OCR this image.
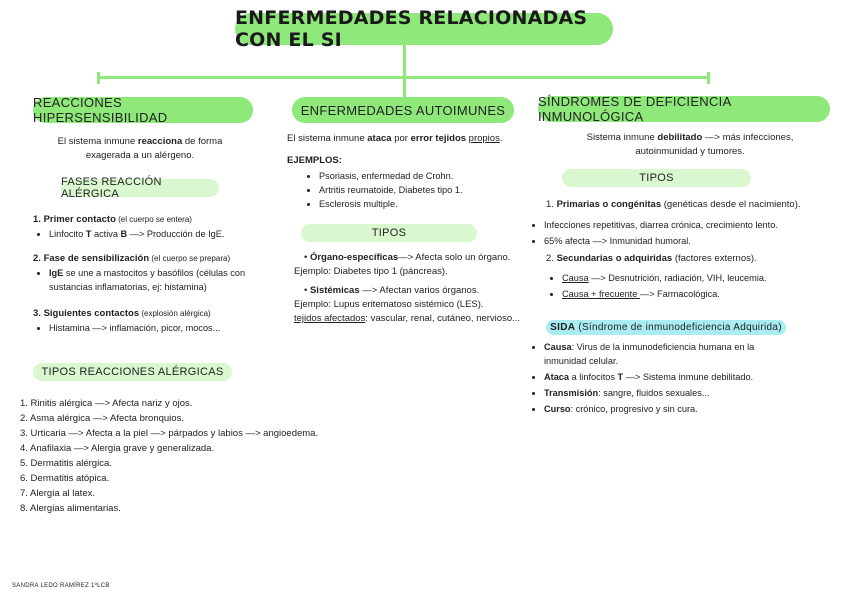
ENFERMEDADES RELACIONADAS CON EL SI
REACCIONES HIPERSENSIBILIDAD
El sistema inmune reacciona de forma
exagerada a un alérgeno.
FASES REACCIÓN ALÉRGICA
1. Primer contacto (el cuerpo se entera)
• Linfocito T activa B —> Producción de IgE.
2. Fase de sensibilización (el cuerpo se prepara)
• IgE se une a mastocitos y basófilos (células con
sustancias inflamatorias, ej: histamina)
3. Siguientes contactos (explosión alérgica)
• Histamina —> inflamación, picor, mocos...
TIPOS REACCIONES ALÉRGICAS
1. Rinitis alérgica —> Afecta nariz y ojos.
2. Asma alérgica —> Afecta bronquios.
3. Urticaria —> Afecta a la piel —> párpados y labios —> angioedema.
4. Anafilaxia —> Alergia grave y generalizada.
5. Dermatitis alérgica.
6. Dermatitis atópica.
7. Alergia al latex.
8. Alergias alimentarias.
ENFERMEDADES AUTOIMUNES
El sistema inmune ataca por error tejidos propios.
EJEMPLOS:
• Psoriasis, enfermedad de Crohn.
• Artritis reumatoide, Diabetes tipo 1.
• Esclerosis multiple.
TIPOS
• Órgano-específicas—> Afecta solo un órgano.
Ejemplo: Diabetes tipo 1 (páncreas).
• Sistémicas —> Afectan varios órganos.
Ejemplo: Lupus eritematoso sistémico (LES).
tejidos afectados: vascular, renal, cutáneo, nervioso...
SÍNDROMES DE DEFICIENCIA INMUNOLÓGICA
Sistema inmune debilitado —> más infecciones,
autoinmunidad y tumores.
TIPOS
1. Primarias o congénitas (genéticas desde el nacimiento).
• Infecciones repetitivas, diarrea crónica, crecimiento lento.
• 65% afecta —> Inmunidad humoral.
2. Secundarias o adquiridas (factores externos).
• Causa —> Desnutrición, radiación, VIH, leucemia.
• Causa + frecuente —> Farmacológica.
SIDA (Síndrome de inmunodeficiencia Adquirida)
• Causa: Virus de la inmunodeficiencia humana en la
inmunidad celular.
• Ataca a linfocitos T —> Sistema inmune debilitado.
• Transmisión: sangre, fluidos sexuales...
• Curso: crónico, progresivo y sin cura.
SANDRA LEDO RAMÍREZ 1ºLCB
